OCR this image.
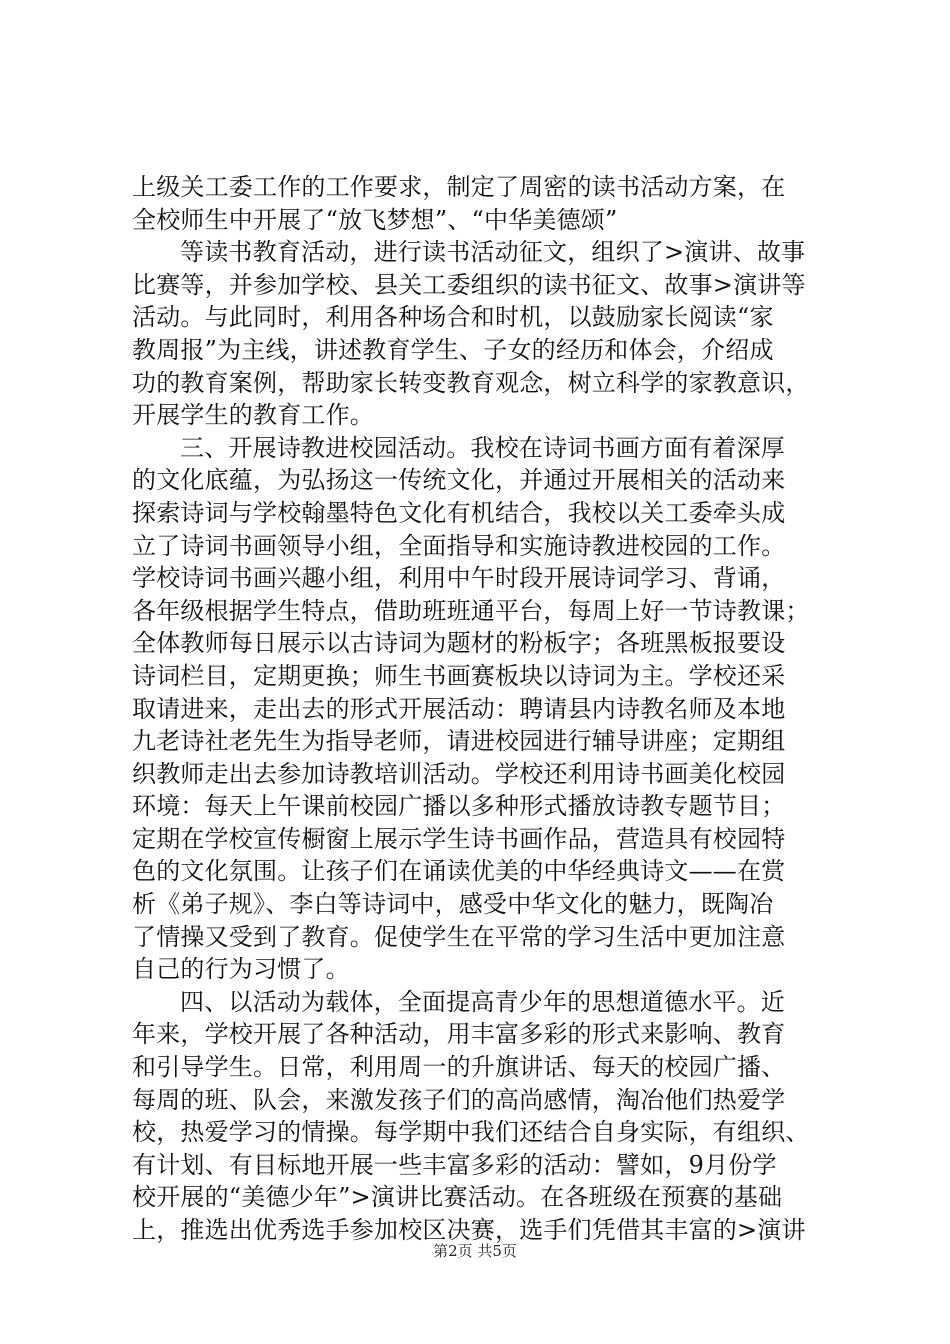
上级关工委工作的工作要求，制定了周密的读书活动方案，在
全校师生中开展了“放飞梦想”、“中华美德颂”
等读书教育活动，进行读书活动征文，组织了>演讲、故事
比赛等，并参加学校、县关工委组织的读书征文、故事>演讲等
活动。与此同时，利用各种场合和时机，以鼓励家长阅读“家
教周报”为主线，讲述教育学生、子女的经历和体会，介绍成
功的教育案例，帮助家长转变教育观念，树立科学的家教意识，
开展学生的教育工作。
三、开展诗教进校园活动。我校在诗词书画方面有着深厚
的文化底蕴，为弘扬这一传统文化，并通过开展相关的活动来
探索诗词与学校翰墨特色文化有机结合，我校以关工委牵头成
立了诗词书画领导小组，全面指导和实施诗教进校园的工作。
学校诗词书画兴趣小组，利用中午时段开展诗词学习、背诵，
各年级根据学生特点，借助班班通平台，每周上好一节诗教课；
全体教师每日展示以古诗词为题材的粉板字；各班黑板报要设
诗词栏目，定期更换；师生书画赛板块以诗词为主。学校还采
取请进来，走出去的形式开展活动：聘请县内诗教名师及本地
九老诗社老先生为指导老师，请进校园进行辅导讲座；定期组
织教师走出去参加诗教培训活动。学校还利用诗书画美化校园
环境：每天上午课前校园广播以多种形式播放诗教专题节目；
定期在学校宣传橱窗上展示学生诗书画作品，营造具有校园特
色的文化氛围。让孩子们在诵读优美的中华经典诗文——在赏
析《弟子规》、李白等诗词中，感受中华文化的魅力，既陶冶
了情操又受到了教育。促使学生在平常的学习生活中更加注意
自己的行为习惯了。
四、以活动为载体，全面提高青少年的思想道德水平。近
年来，学校开展了各种活动，用丰富多彩的形式来影响、教育
和引导学生。日常，利用周一的升旗讲话、每天的校园广播、
每周的班、队会，来激发孩子们的高尚感情，淘冶他们热爱学
校，热爱学习的情操。每学期中我们还结合自身实际，有组织、
有计划、有目标地开展一些丰富多彩的活动：譬如，9月份学
校开展的“美德少年”>演讲比赛活动。在各班级在预赛的基础
上，推选出优秀选手参加校区决赛，选手们凭借其丰富的>演讲
第2页 共5页
